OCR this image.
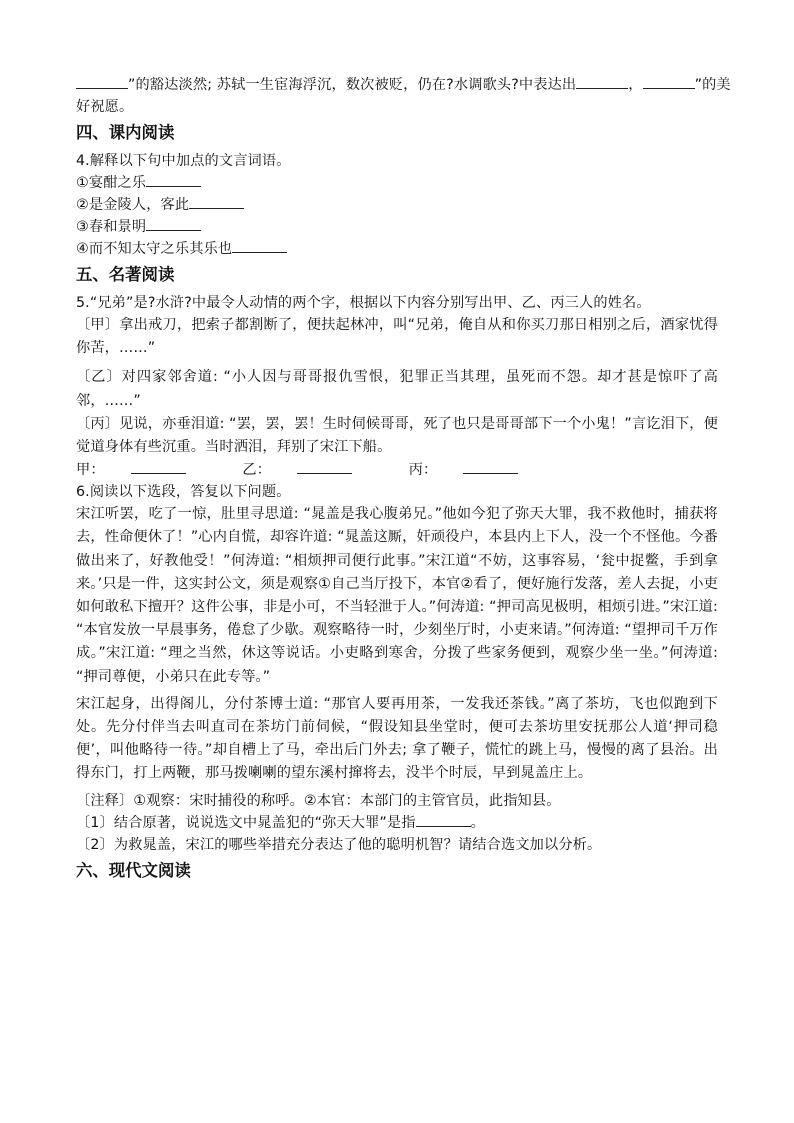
”的豁达淡然; 苏轼一生宦海浮沉，数次被贬，仍在?水调歌头?中表达出	，	”的美
好祝愿。
四、课内阅读
4.解释以下句中加点的文言词语。
①宴酣之乐
②是金陵人，客此
③春和景明
④而不知太守之乐其乐也
五、名著阅读
5.“兄弟”是?水浒?中最令人动情的两个字，根据以下内容分别写出甲、乙、丙三人的姓名。
〔甲〕拿出戒刀，把索子都割断了，便扶起林冲，叫“兄弟，俺自从和你买刀那日相别之后，酒家忧得你苦，……”
〔乙〕对四家邻舍道: “小人因与哥哥报仇雪恨，犯罪正当其理，虽死而不怨。却才甚是惊吓了高邻，……”
〔丙〕见说，亦垂泪道: “罢，罢，罢！生时伺候哥哥，死了也只是哥哥部下一个小鬼！”言讫泪下，便觉道身体有些沉重。当时洒泪，拜别了宋江下船。
甲：	乙：	丙：
6.阅读以下选段，答复以下问题。
宋江听罢，吃了一惊，肚里寻思道: “晁盖是我心腹弟兄。”他如今犯了弥天大罪，我不救他时，捕获将去，性命便休了！”心内自慌，却容许道: “晁盖这厮，奸顽役户，本县内上下人，没一个不怪他。今番做出来了，好教他受！”何涛道: “相烦押司便行此事。”宋江道“不妨，这事容易，‘瓮中捉鳖，手到拿来。’只是一件，这实封公文，须是观察①自己当厅投下，本官②看了，便好施行发落，差人去捉，小吏如何敢私下擅开？这件公事，非是小可，不当轻泄于人。”何涛道: “押司高见极明，相烦引进。”宋江道: “本官发放一早晨事务，倦怠了少歇。观察略待一时，少刻坐厅时，小吏来请。”何涛道: “望押司千万作成。”宋江道: “理之当然，休这等说话。小吏略到寒舍，分拨了些家务便到，观察少坐一坐。”何涛道: “押司尊便，小弟只在此专等。”
宋江起身，出得阁儿，分付茶博士道: “那官人要再用茶，一发我还茶钱。”离了茶坊，飞也似跑到下处。先分付伴当去叫直司在茶坊门前伺候，“假设知县坐堂时，便可去茶坊里安抚那公人道‘押司稳便’，叫他略待一待。”却自槽上了马，牵出后门外去; 拿了鞭子，慌忙的跳上马，慢慢的离了县治。出得东门，打上两鞭，那马拨喇喇的望东溪村撺将去，没半个时辰，早到晁盖庄上。
〔注释〕①观察：宋时捕役的称呼。②本官：本部门的主管官员，此指知县。
〔1〕结合原著，说说选文中晁盖犯的“弥天大罪”是指	。
〔2〕为救晁盖，宋江的哪些举措充分表达了他的聪明机智？请结合选文加以分析。
六、现代文阅读
